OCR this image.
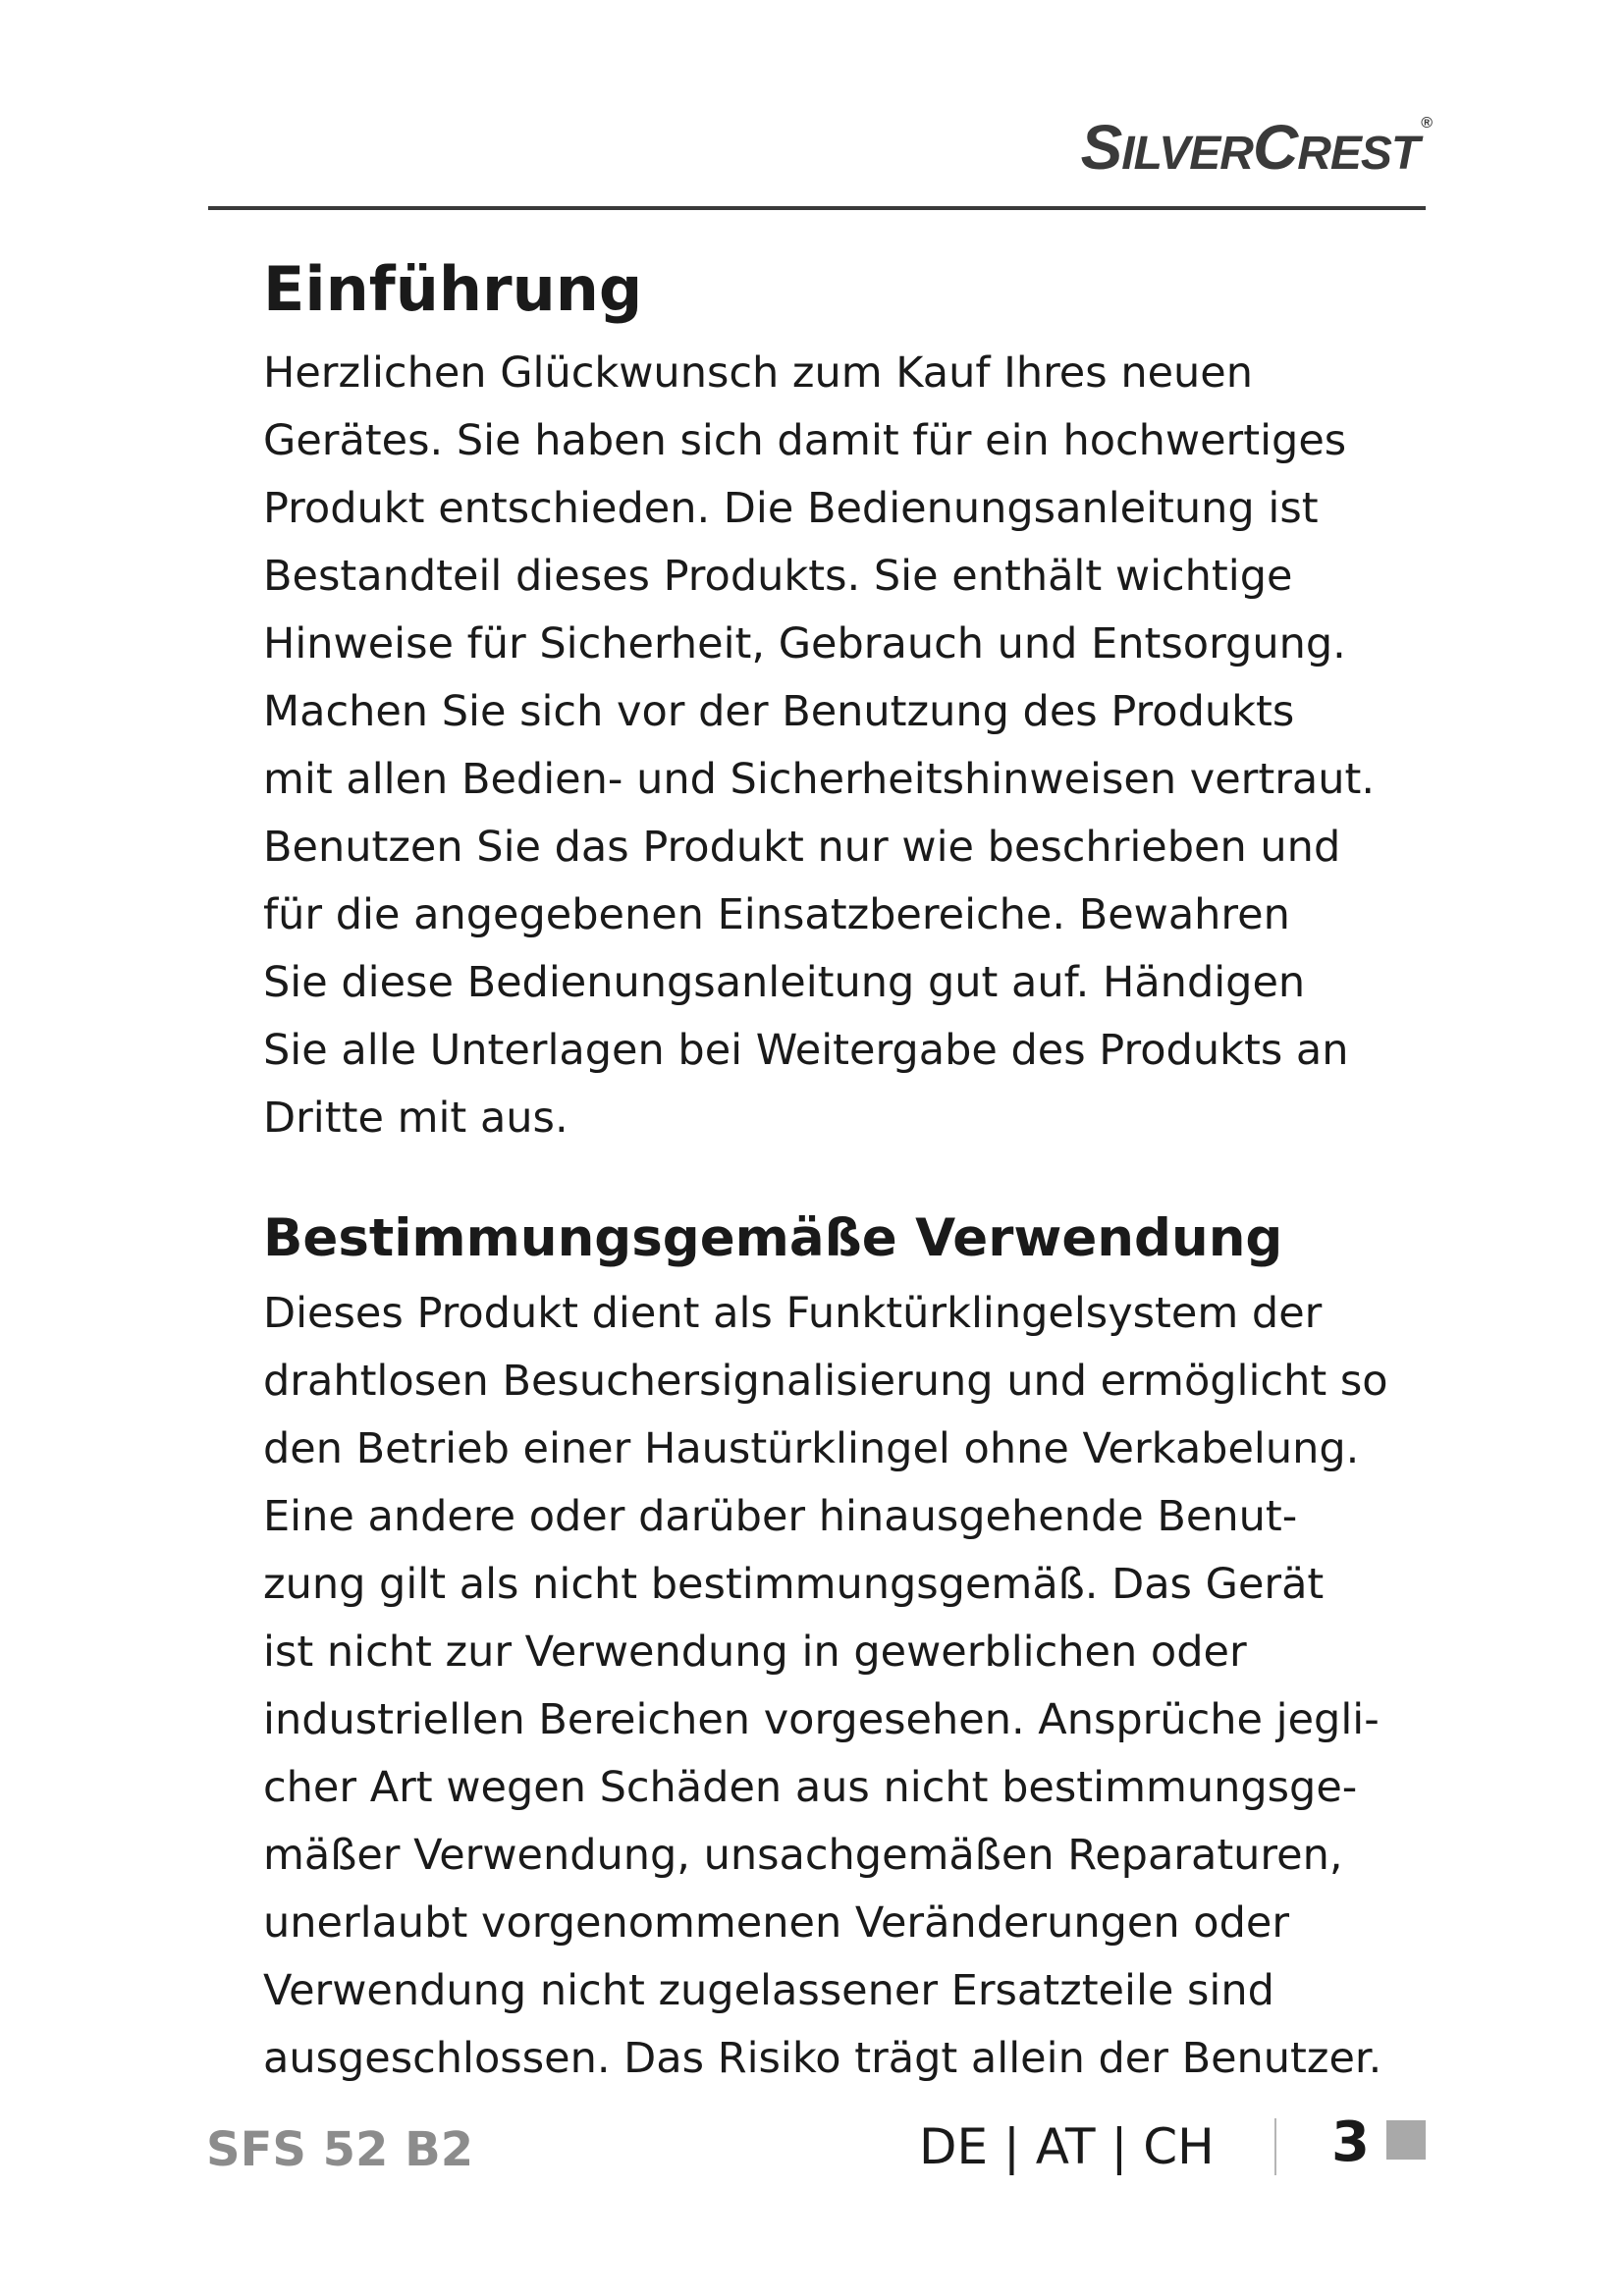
SILVERCREST®
Einführung
Herzlichen Glückwunsch zum Kauf Ihres neuen
Gerätes. Sie haben sich damit für ein hochwertiges
Produkt entschieden. Die Bedienungsanleitung ist
Bestandteil dieses Produkts. Sie enthält wichtige
Hinweise für Sicherheit, Gebrauch und Entsorgung.
Machen Sie sich vor der Benutzung des Produkts
mit allen Bedien- und Sicherheitshinweisen vertraut.
Benutzen Sie das Produkt nur wie beschrieben und
für die angegebenen Einsatzbereiche. Bewahren
Sie diese Bedienungsanleitung gut auf. Händigen
Sie alle Unterlagen bei Weitergabe des Produkts an
Dritte mit aus.
Bestimmungsgemäße Verwendung
Dieses Produkt dient als Funktürklingelsystem der
drahtlosen Besuchersignalisierung und ermöglicht so
den Betrieb einer Haustürklingel ohne Verkabelung.
Eine andere oder darüber hinausgehende Benut-
zung gilt als nicht bestimmungsgemäß. Das Gerät
ist nicht zur Verwendung in gewerblichen oder
industriellen Bereichen vorgesehen. Ansprüche jegli-
cher Art wegen Schäden aus nicht bestimmungsge-
mäßer Verwendung, unsachgemäßen Reparaturen,
unerlaubt vorgenommenen Veränderungen oder
Verwendung nicht zugelassener Ersatzteile sind
ausgeschlossen. Das Risiko trägt allein der Benutzer.
SFS 52 B2	DE | AT | CH 3
